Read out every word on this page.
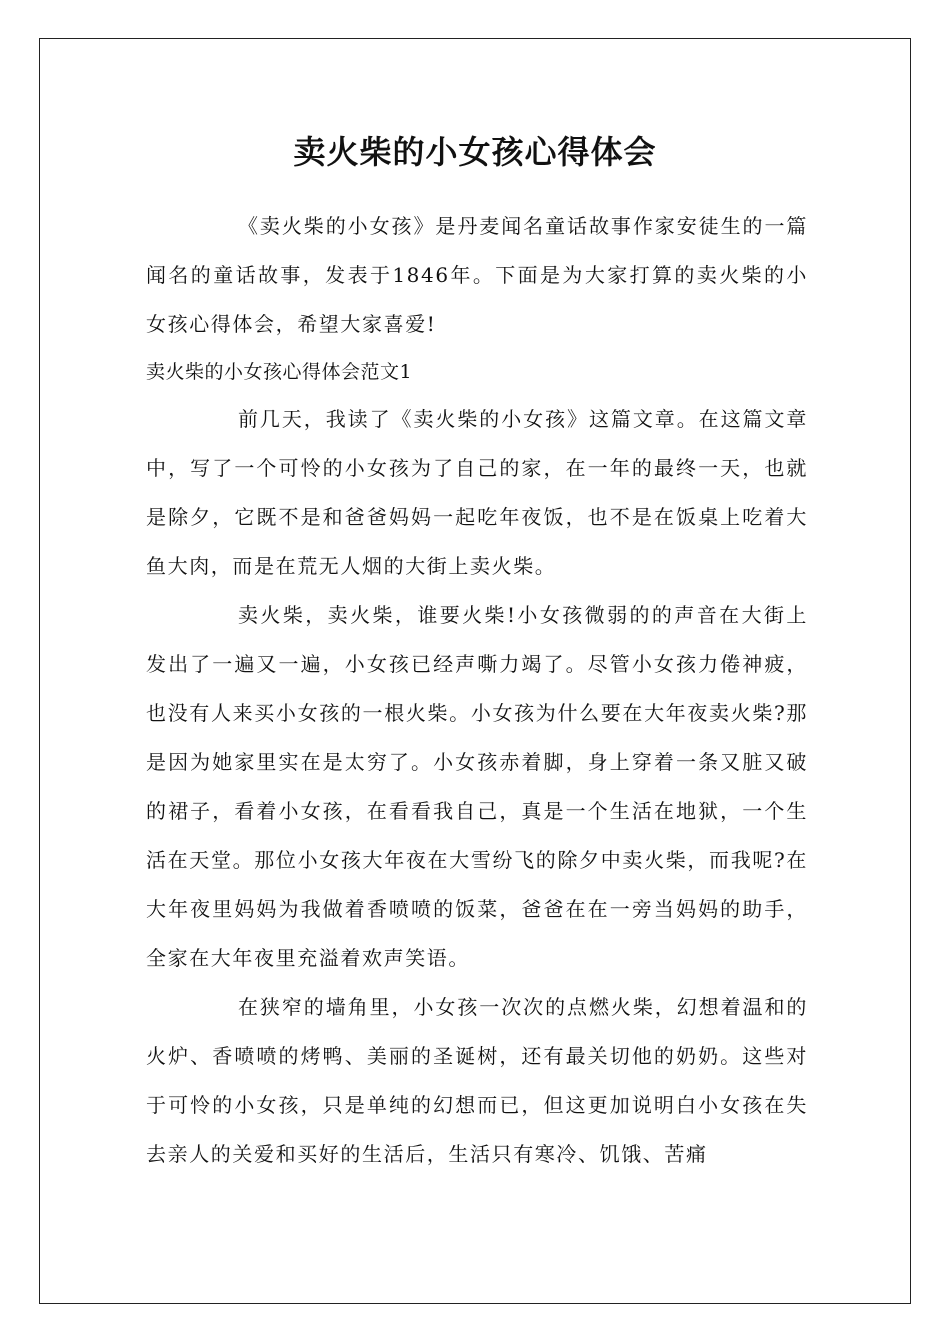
卖火柴的小女孩心得体会

《卖火柴的小女孩》是丹麦闻名童话故事作家安徒生的一篇闻名的童话故事，发表于1846年。下面是为大家打算的卖火柴的小女孩心得体会，希望大家喜爱!

卖火柴的小女孩心得体会范文1

前几天，我读了《卖火柴的小女孩》这篇文章。在这篇文章中，写了一个可怜的小女孩为了自己的家，在一年的最终一天，也就是除夕，它既不是和爸爸妈妈一起吃年夜饭，也不是在饭桌上吃着大鱼大肉，而是在荒无人烟的大街上卖火柴。

卖火柴，卖火柴，谁要火柴!小女孩微弱的的声音在大街上发出了一遍又一遍，小女孩已经声嘶力竭了。尽管小女孩力倦神疲，也没有人来买小女孩的一根火柴。小女孩为什么要在大年夜卖火柴?那是因为她家里实在是太穷了。小女孩赤着脚，身上穿着一条又脏又破的裙子，看着小女孩，在看看我自己，真是一个生活在地狱，一个生活在天堂。那位小女孩大年夜在大雪纷飞的除夕中卖火柴，而我呢?在大年夜里妈妈为我做着香喷喷的饭菜，爸爸在在一旁当妈妈的助手，全家在大年夜里充溢着欢声笑语。

在狭窄的墙角里，小女孩一次次的点燃火柴，幻想着温和的火炉、香喷喷的烤鸭、美丽的圣诞树，还有最关切他的奶奶。这些对于可怜的小女孩，只是单纯的幻想而已，但这更加说明白小女孩在失去亲人的关爱和买好的生活后，生活只有寒冷、饥饿、苦痛
